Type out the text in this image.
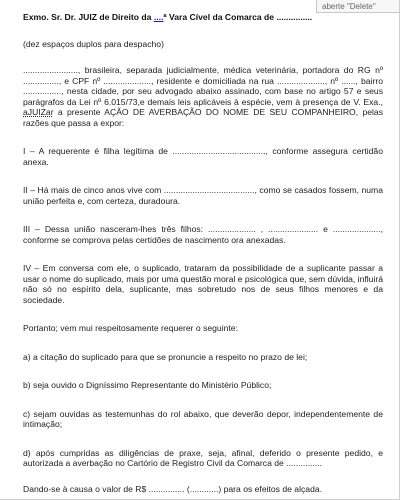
aberte "Delete"

Exmo. Sr. Dr. JUIZ de Direito da ....ª Vara Cível da Comarca de ...............

(dez espaços duplos para despacho)

......................., brasileira, separada judicialmente, médica veterinária, portadora do RG nº ..............., e CPF nº ...................., residente e domiciliada na rua ...................., nº ......, bairro ................, nesta cidade, por seu advogado abaixo assinado, com base no artigo 57 e seus parágrafos da Lei nº 6.015/73,e demais leis aplicáveis à espécie, vem à presença de V. Exa., aJUIZar a presente AÇÃO DE AVERBAÇÃO DO NOME DE SEU COMPANHEIRO, pelas razões que passa a expor:

I – A requerente é filha legítima de ......................................., conforme assegura certidão anexa.

II – Há mais de cinco anos vive com ......................................, como se casados fossem, numa união perfeita e, com certeza, duradoura.

III – Dessa união nasceram-lhes três filhos: .................... , ..................... e ...................., conforme se comprova pelas certidões de nascimento ora anexadas.

IV – Em conversa com ele, o suplicado, trataram da possibilidade de a suplicante passar a usar o nome do suplicado, mais por uma questão moral e psicológica que, sem dúvida, influirá não só no espírito dela, suplicante, mas sobretudo nos de seus filhos menores e da sociedade.

Portanto; vem mui respeitosamente requerer o seguinte:

a) a citação do suplicado para que se pronuncie a respeito no prazo de lei;

b) seja ouvido o Digníssimo Representante do Ministério Público;

c) sejam ouvidas as testemunhas do rol abaixo, que deverão depor, independentemente de intimação;

d) após cumpridas as diligências de praxe, seja, afinal, deferido o presente pedido, e autorizada a averbação no Cartório de Registro Civil da Comarca de ...............

Dando-se à causa o valor de R$ ............... (............) para os efeitos de alçada.
